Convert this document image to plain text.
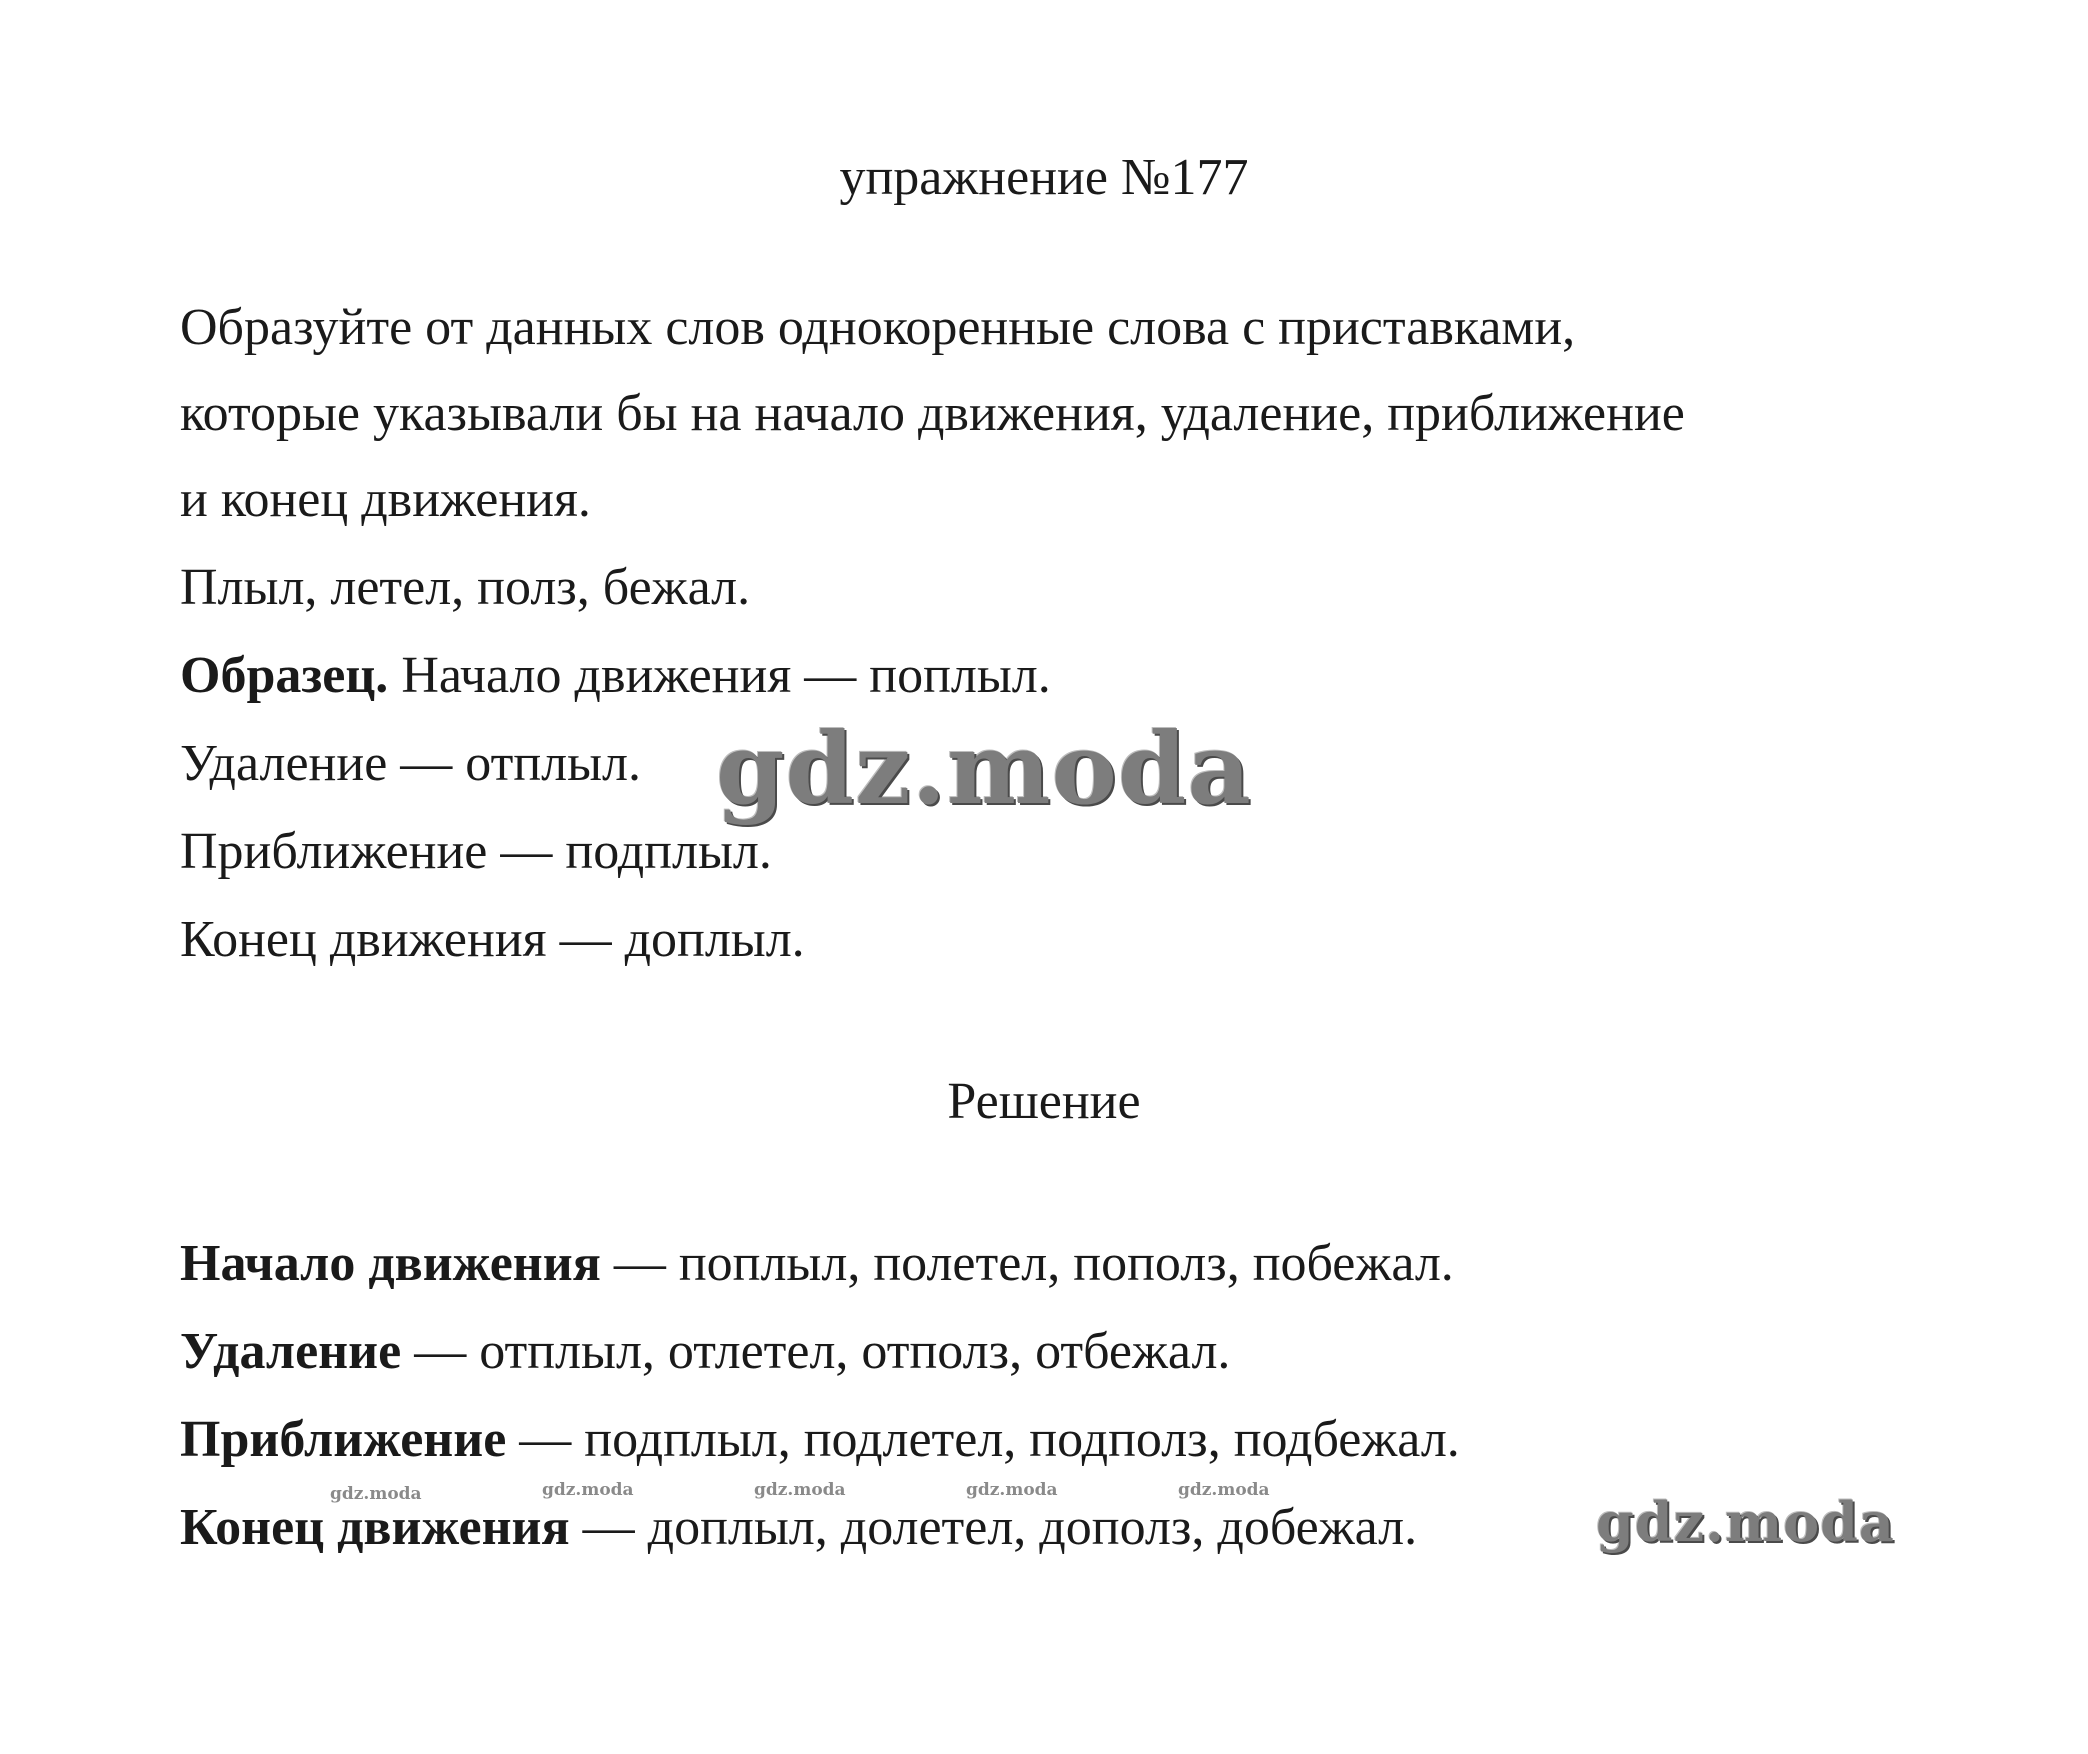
упражнение №177
Образуйте от данных слов однокоренные слова с приставками,
которые указывали бы на начало движения, удаление, приближение
и конец движения.
Плыл, летел, полз, бежал.
Образец. Начало движения — поплыл.
Удаление — отплыл.
Приближение — подплыл.
Конец движения — доплыл.
Решение
Начало движения — поплыл, полетел, пополз, побежал.
Удаление — отплыл, отлетел, отполз, отбежал.
Приближение — подплыл, подлетел, подполз, подбежал.
Конец движения — доплыл, долетел, дополз, добежал.
gdz.moda
gdz.moda
gdz.moda	gdz.moda	gdz.moda	gdz.moda	gdz.moda
